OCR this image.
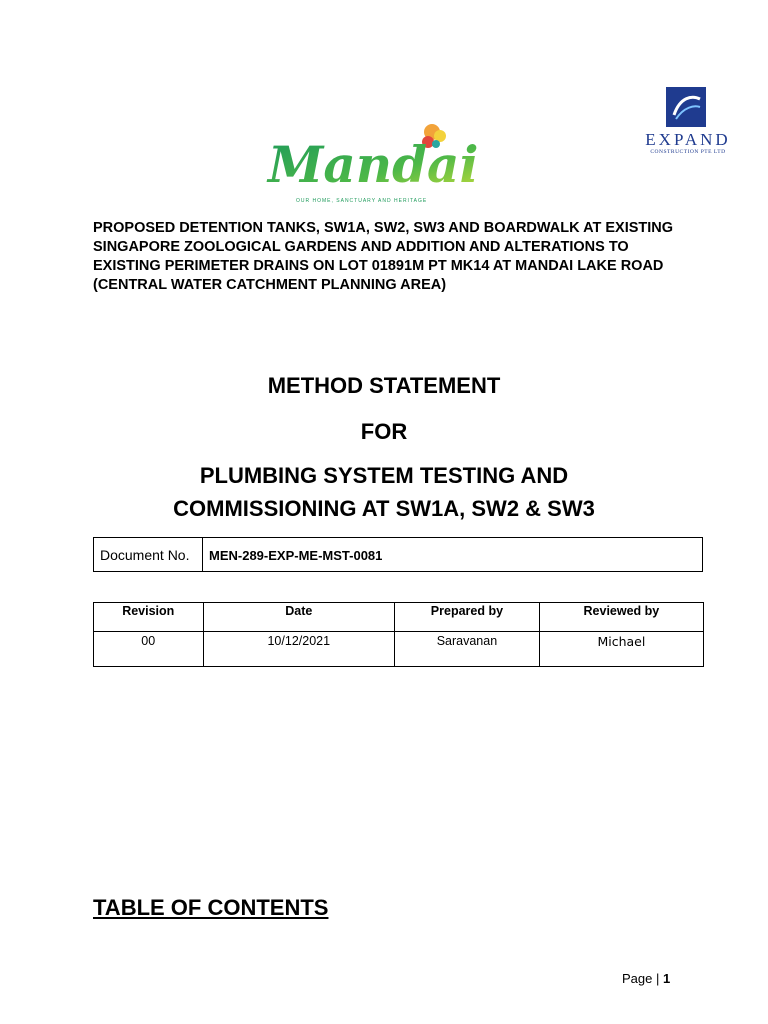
Mandai
OUR HOME, SANCTUARY AND HERITAGE
EXPAND
CONSTRUCTION PTE LTD

PROPOSED DETENTION TANKS, SW1A, SW2, SW3 AND BOARDWALK AT EXISTING SINGAPORE ZOOLOGICAL GARDENS AND ADDITION AND ALTERATIONS TO EXISTING PERIMETER DRAINS ON LOT 01891M PT MK14 AT MANDAI LAKE ROAD (CENTRAL WATER CATCHMENT PLANNING AREA)

METHOD STATEMENT
FOR
PLUMBING SYSTEM TESTING AND
COMMISSIONING AT SW1A, SW2 & SW3
Document No.	MEN-289-EXP-ME-MST-0081
Revision	Date	Prepared by	Reviewed by
00	10/12/2021	Saravanan	Michael
TABLE OF CONTENTS
Page | 1
